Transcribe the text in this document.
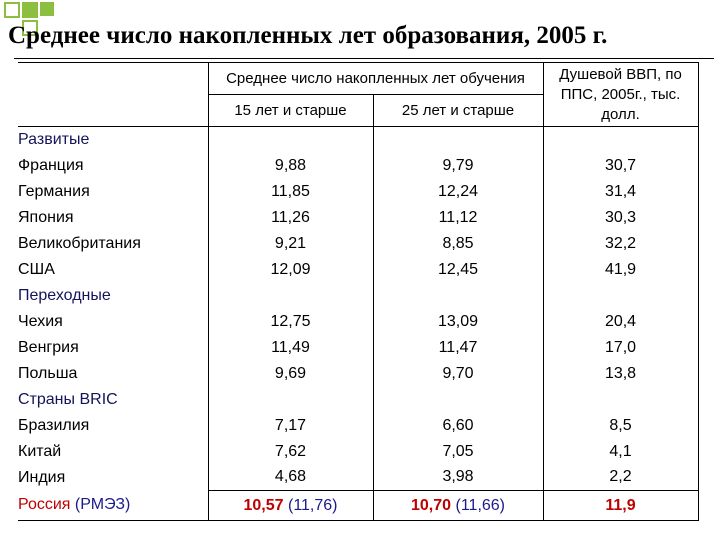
Среднее число накопленных лет образования, 2005 г.
	Среднее число накопленных лет обучения		Душевой ВВП, по ППС, 2005г., тыс. долл.
	15 лет и старше	25 лет и старше	
Развитые			
Франция	9,88	9,79	30,7
Германия	11,85	12,24	31,4
Япония	11,26	11,12	30,3
Великобритания	9,21	8,85	32,2
США	12,09	12,45	41,9
Переходные			
Чехия	12,75	13,09	20,4
Венгрия	11,49	11,47	17,0
Польша	9,69	9,70	13,8
Страны BRIC			
Бразилия	7,17	6,60	8,5
Китай	7,62	7,05	4,1
Индия	4,68	3,98	2,2
Россия (РМЭЗ)	10,57 (11,76)	10,70 (11,66)	11,9
